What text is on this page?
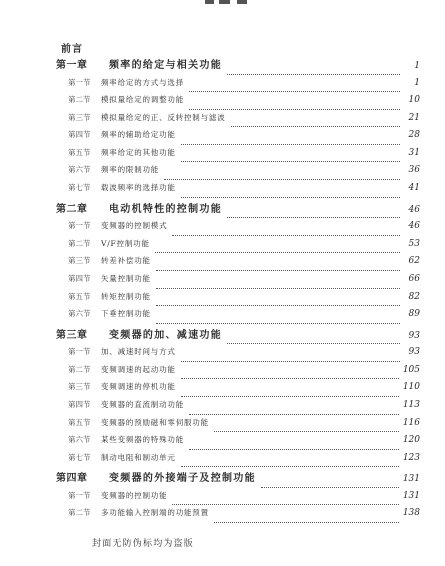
前言
第一章	频率的给定与相关功能	1
第一节	频率给定的方式与选择	1
第二节	模拟量给定的调整功能	10
第三节	模拟量给定的正、反转控制与滤波	21
第四节	频率的辅助给定功能	28
第五节	频率给定的其他功能	31
第六节	频率的限制功能	36
第七节	载波频率的选择功能	41
第二章	电动机特性的控制功能	46
第一节	变频器的控制模式	46
第二节	V/F控制功能	53
第三节	转差补偿功能	62
第四节	矢量控制功能	66
第五节	转矩控制功能	82
第六节	下垂控制功能	89
第三章	变频器的加、减速功能	93
第一节	加、减速时间与方式	93
第二节	变频调速的起动功能	105
第三节	变频调速的停机功能	110
第四节	变频器的直流制动功能	113
第五节	变频器的预励磁和零伺服功能	116
第六节	某些变频器的特殊功能	120
第七节	制动电阻和制动单元	123
第四章	变频器的外接端子及控制功能	131
第一节	变频器的控制功能	131
第二节	多功能输入控制端的功能预置	138
封面无防伪标均为盗版
